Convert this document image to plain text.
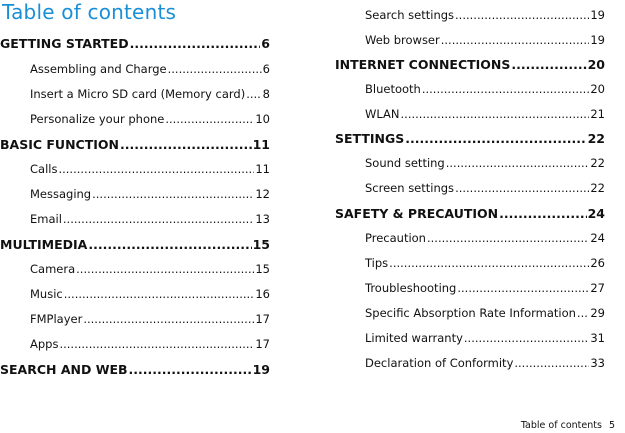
Table of contents
GETTING STARTED .....	6
Assembling and Charge .....	6
Insert a Micro SD card (Memory card) ..... 8
Personalize your phone .....	10
BASIC FUNCTION .....	11
Calls .....	11
Messaging .....	12
Email .....	13
MULTIMEDIA .....	15
Camera .....	15
Music .....	16
FMPlayer .....	17
Apps .....	17
SEARCH AND WEB .....	19
Search settings .....	19
Web browser .....	19
INTERNET CONNECTIONS .....	20
Bluetooth .....	20
WLAN .....	21
SETTINGS .....	22
Sound setting .....	22
Screen settings .....	22
SAFETY & PRECAUTION .....	24
Precaution .....	24
Tips .....	26
Troubleshooting .....	27
Specific Absorption Rate Information ..... 29
Limited warranty .....	31
Declaration of Conformity .....	33
Table of contents 5
